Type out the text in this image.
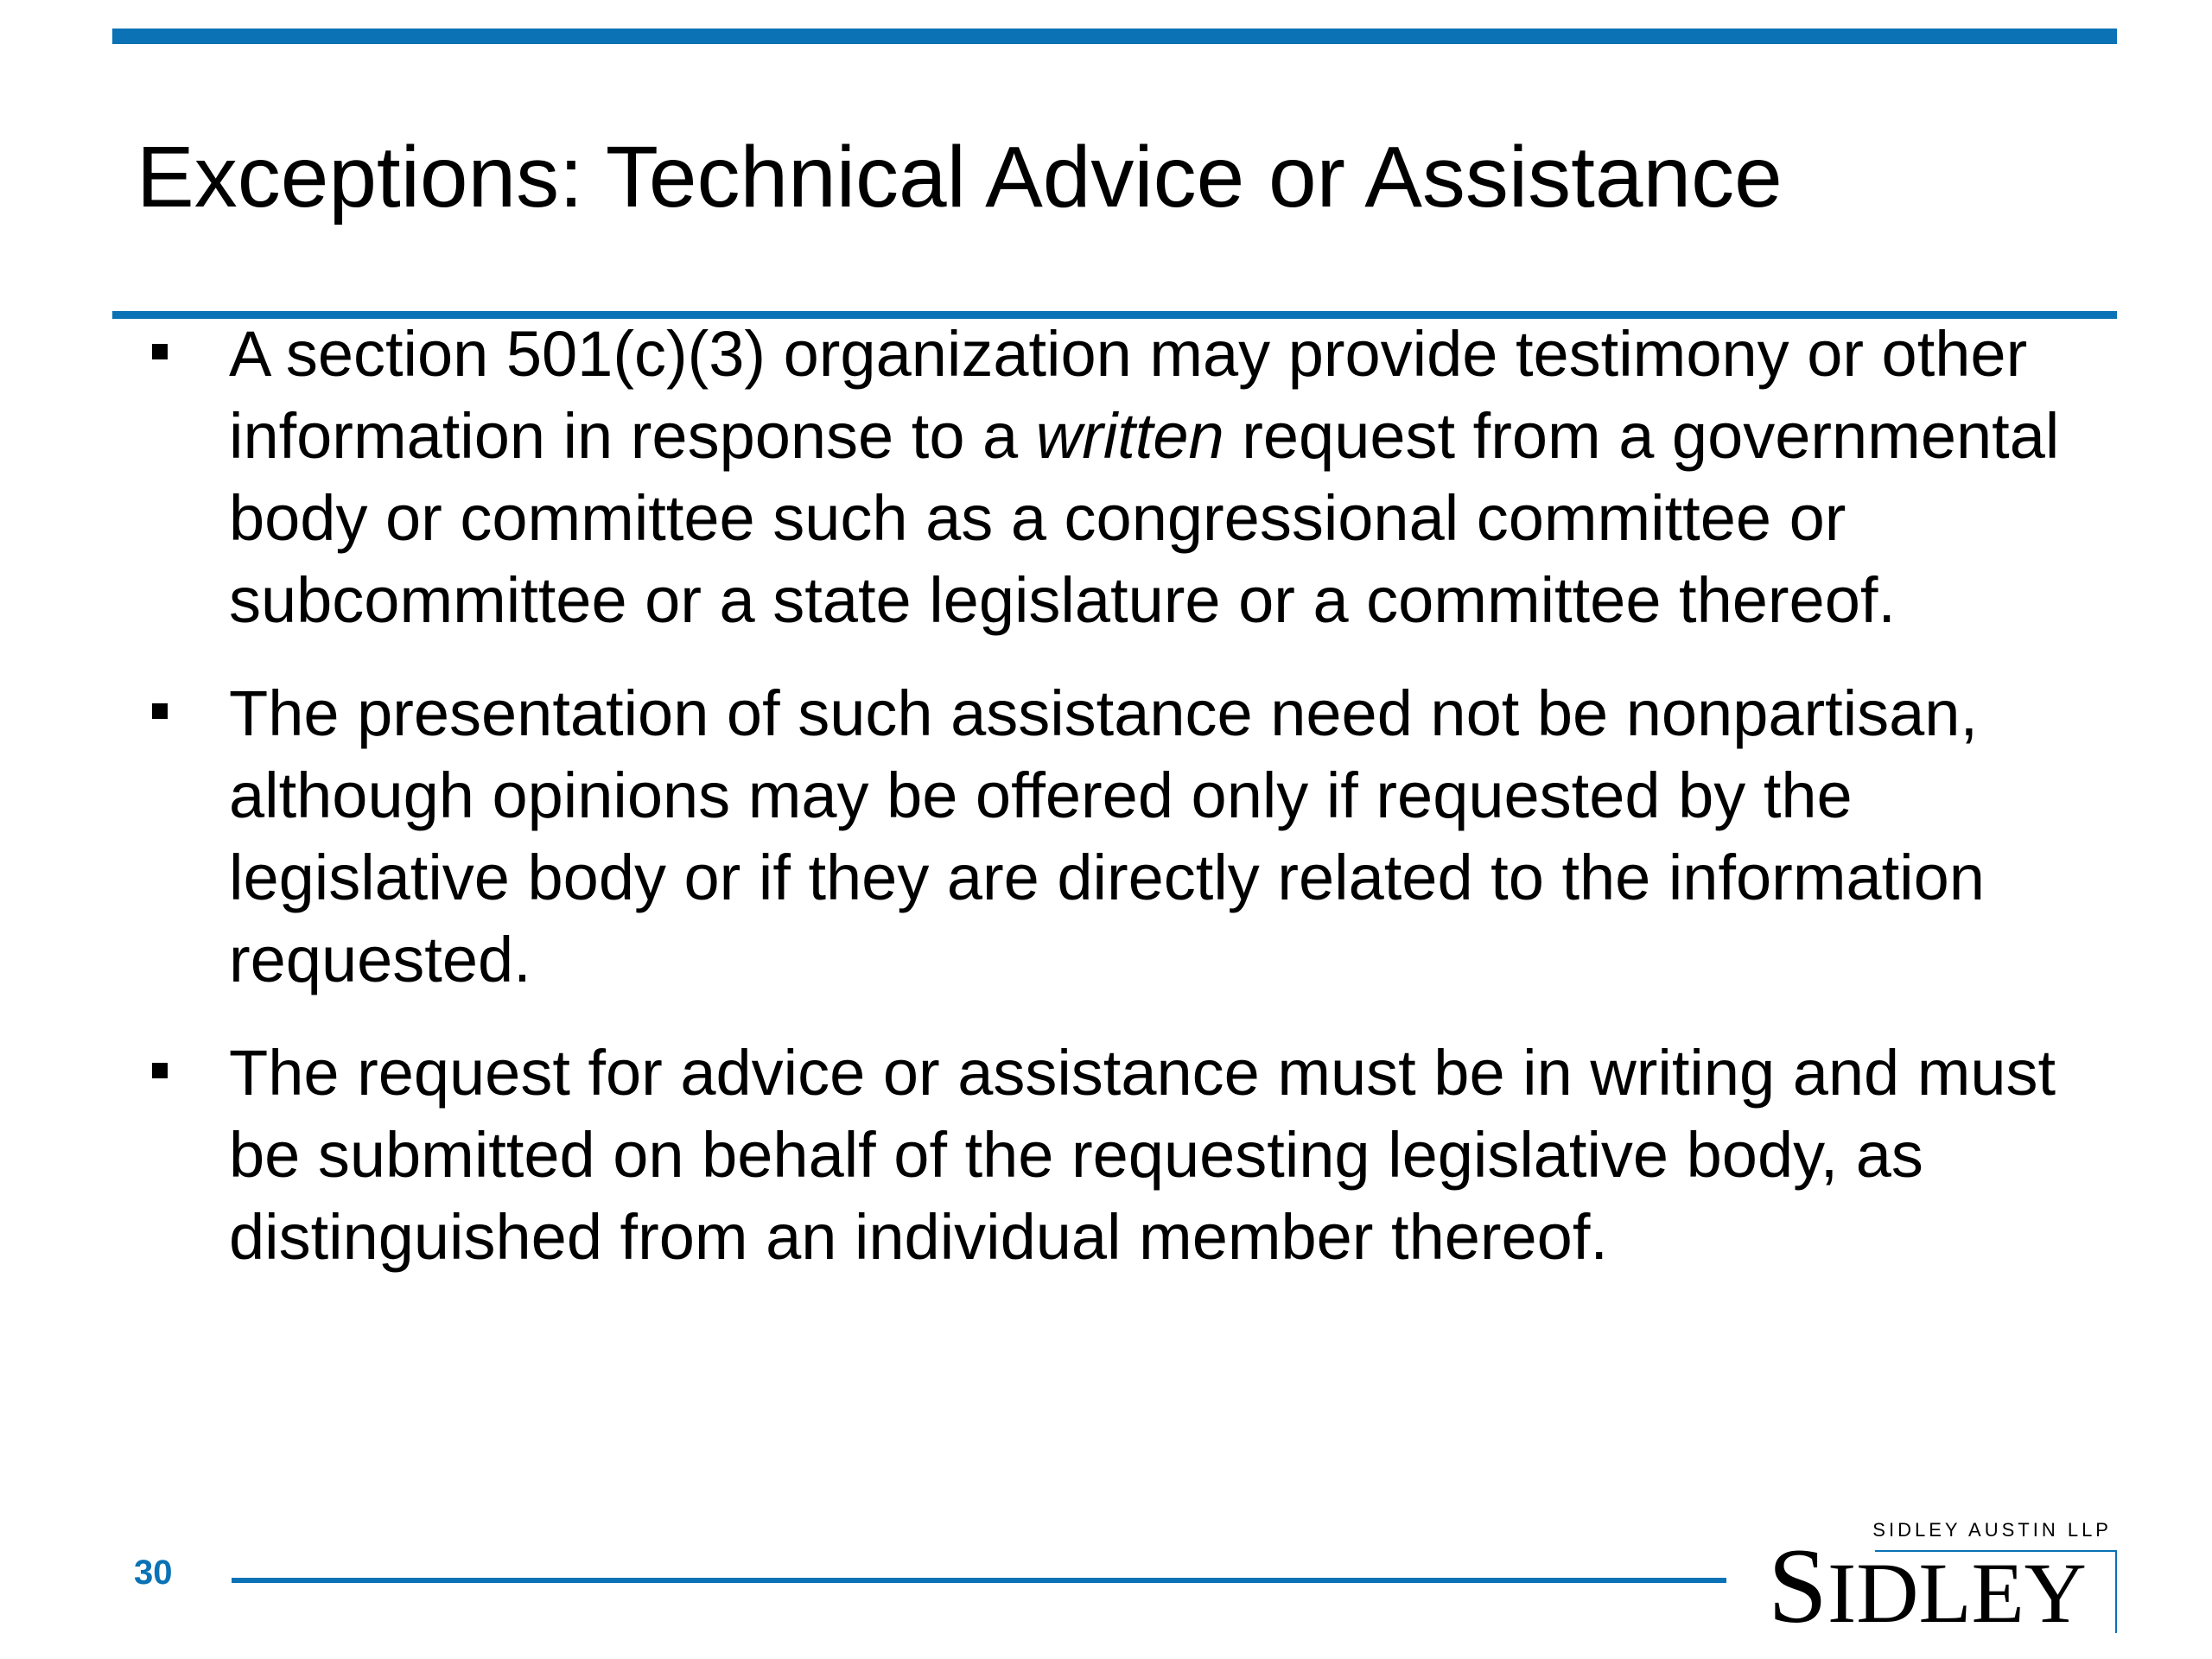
Exceptions: Technical Advice or Assistance
A section 501(c)(3) organization may provide testimony or other information in response to a written request from a governmental body or committee such as a congressional committee or subcommittee or a state legislature or a committee thereof.
The presentation of such assistance need not be nonpartisan, although opinions may be offered only if requested by the legislative body or if they are directly related to the information requested.
The request for advice or assistance must be in writing and must be submitted on behalf of the requesting legislative body, as distinguished from an individual member thereof.
30
SIDLEY AUSTIN LLP
SIDLEY
